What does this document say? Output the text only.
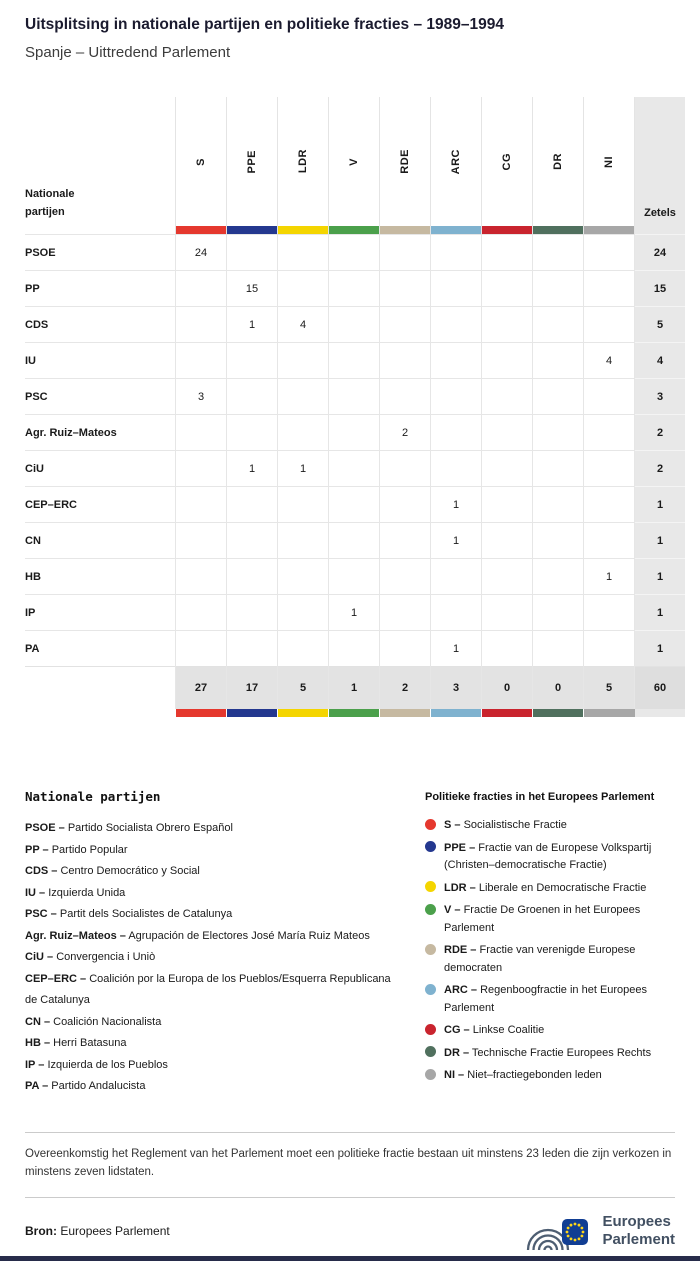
Uitsplitsing in nationale partijen en politieke fracties – 1989–1994
Spanje – Uittredend Parlement
Nationale partijen	S	PPE	LDR	V	RDE	ARC	CG	DR	NI	Zetels

PSOE	24									24
PP		15								15
CDS		1	4							5
IU									4	4
PSC	3									3
Agr. Ruiz–Mateos					2					2
CiU		1	1							2
CEP–ERC						1				1
CN						1				1
HB									1	1
IP				1						1
PA						1				1
	27	17	5	1	2	3	0	0	5	60

Nationale partijen
PSOE – Partido Socialista Obrero Español
PP – Partido Popular
CDS – Centro Democrático y Social
IU – Izquierda Unida
PSC – Partit dels Socialistes de Catalunya
Agr. Ruiz–Mateos – Agrupación de Electores José María Ruiz Mateos
CiU – Convergencia i Uniò
CEP–ERC – Coalición por la Europa de los Pueblos/Esquerra Republicana de Catalunya
CN – Coalición Nacionalista
HB – Herri Batasuna
IP – Izquierda de los Pueblos
PA – Partido Andalucista
Politieke fracties in het Europees Parlement
S – Socialistische Fractie
PPE – Fractie van de Europese Volkspartij (Christen–democratische Fractie)
LDR – Liberale en Democratische Fractie
V – Fractie De Groenen in het Europees Parlement
RDE – Fractie van verenigde Europese democraten
ARC – Regenboogfractie in het Europees Parlement
CG – Linkse Coalitie
DR – Technische Fractie Europees Rechts
NI – Niet–fractiegebonden leden

Overeenkomstig het Reglement van het Parlement moet een politieke fractie bestaan uit minstens 23 leden die zijn verkozen in minstens zeven lidstaten.

Bron: Europees Parlement
Europees
Parlement
